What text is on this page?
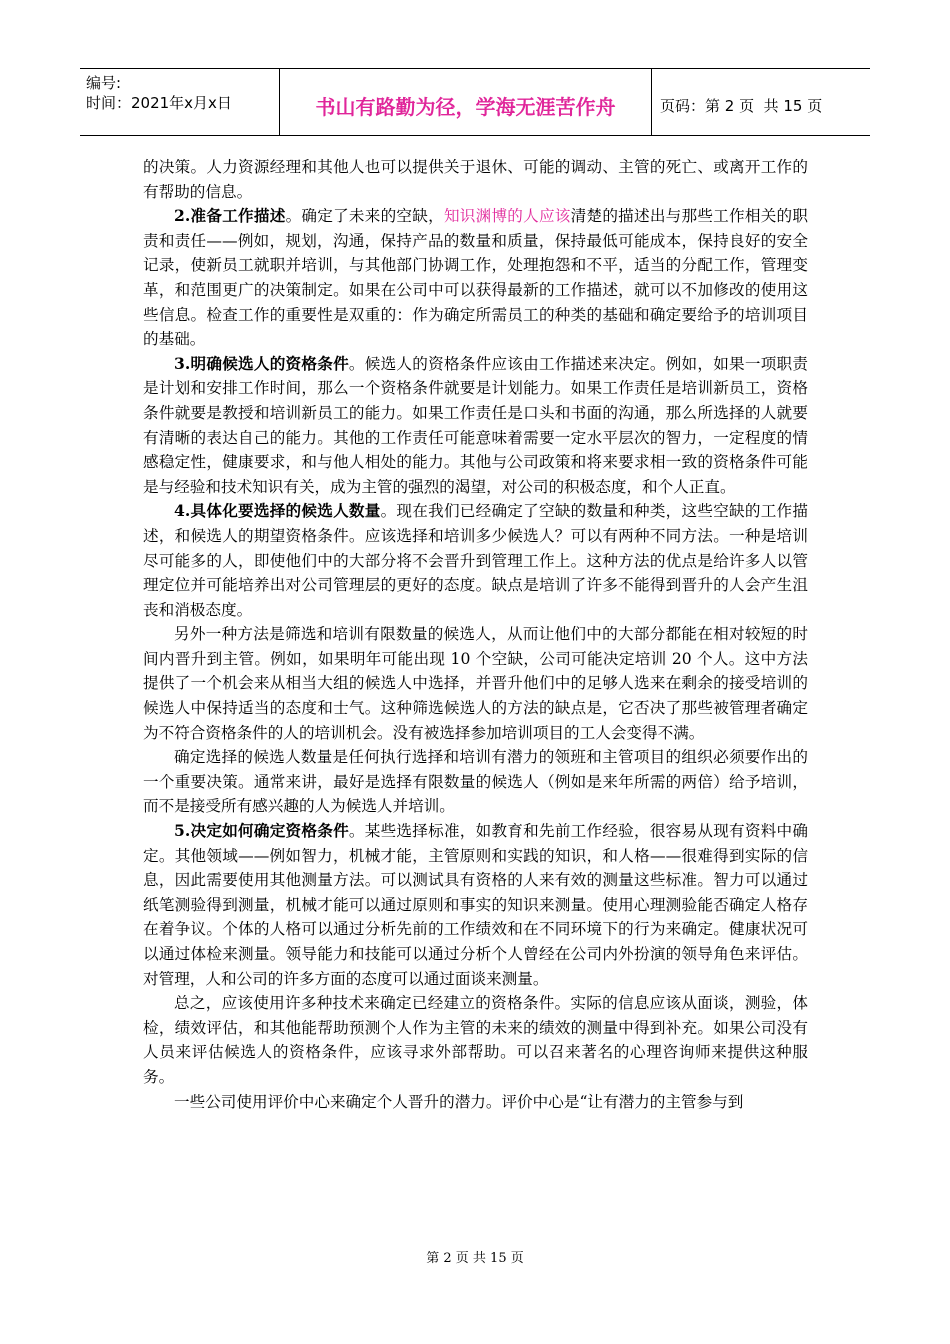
编号:
时间：2021年x月x日	书山有路勤为径，学海无涯苦作舟	页码：第 2 页  共 15 页

的决策。人力资源经理和其他人也可以提供关于退休、可能的调动、主管的死亡、或离开工作的有帮助的信息。

2.准备工作描述。确定了未来的空缺，知识渊博的人应该清楚的描述出与那些工作相关的职责和责任——例如，规划，沟通，保持产品的数量和质量，保持最低可能成本，保持良好的安全记录，使新员工就职并培训，与其他部门协调工作，处理抱怨和不平，适当的分配工作，管理变革，和范围更广的决策制定。如果在公司中可以获得最新的工作描述，就可以不加修改的使用这些信息。检查工作的重要性是双重的：作为确定所需员工的种类的基础和确定要给予的培训项目的基础。

3.明确候选人的资格条件。候选人的资格条件应该由工作描述来决定。例如，如果一项职责是计划和安排工作时间，那么一个资格条件就要是计划能力。如果工作责任是培训新员工，资格条件就要是教授和培训新员工的能力。如果工作责任是口头和书面的沟通，那么所选择的人就要有清晰的表达自己的能力。其他的工作责任可能意味着需要一定水平层次的智力，一定程度的情感稳定性，健康要求，和与他人相处的能力。其他与公司政策和将来要求相一致的资格条件可能是与经验和技术知识有关，成为主管的强烈的渴望，对公司的积极态度，和个人正直。

4.具体化要选择的候选人数量。现在我们已经确定了空缺的数量和种类，这些空缺的工作描述，和候选人的期望资格条件。应该选择和培训多少候选人？可以有两种不同方法。一种是培训尽可能多的人，即使他们中的大部分将不会晋升到管理工作上。这种方法的优点是给许多人以管理定位并可能培养出对公司管理层的更好的态度。缺点是培训了许多不能得到晋升的人会产生沮丧和消极态度。

另外一种方法是筛选和培训有限数量的候选人，从而让他们中的大部分都能在相对较短的时间内晋升到主管。例如，如果明年可能出现 10 个空缺，公司可能决定培训 20 个人。这中方法提供了一个机会来从相当大组的候选人中选择，并晋升他们中的足够人选来在剩余的接受培训的候选人中保持适当的态度和士气。这种筛选候选人的方法的缺点是，它否决了那些被管理者确定为不符合资格条件的人的培训机会。没有被选择参加培训项目的工人会变得不满。

确定选择的候选人数量是任何执行选择和培训有潜力的领班和主管项目的组织必须要作出的一个重要决策。通常来讲，最好是选择有限数量的候选人（例如是来年所需的两倍）给予培训，而不是接受所有感兴趣的人为候选人并培训。

5.决定如何确定资格条件。某些选择标准，如教育和先前工作经验，很容易从现有资料中确定。其他领域——例如智力，机械才能，主管原则和实践的知识，和人格——很难得到实际的信息，因此需要使用其他测量方法。可以测试具有资格的人来有效的测量这些标准。智力可以通过纸笔测验得到测量，机械才能可以通过原则和事实的知识来测量。使用心理测验能否确定人格存在着争议。个体的人格可以通过分析先前的工作绩效和在不同环境下的行为来确定。健康状况可以通过体检来测量。领导能力和技能可以通过分析个人曾经在公司内外扮演的领导角色来评估。对管理，人和公司的许多方面的态度可以通过面谈来测量。

总之，应该使用许多种技术来确定已经建立的资格条件。实际的信息应该从面谈，测验，体检，绩效评估，和其他能帮助预测个人作为主管的未来的绩效的测量中得到补充。如果公司没有人员来评估候选人的资格条件，应该寻求外部帮助。可以召来著名的心理咨询师来提供这种服务。

一些公司使用评价中心来确定个人晋升的潜力。评价中心是“让有潜力的主管参与到

第 2 页 共 15 页
